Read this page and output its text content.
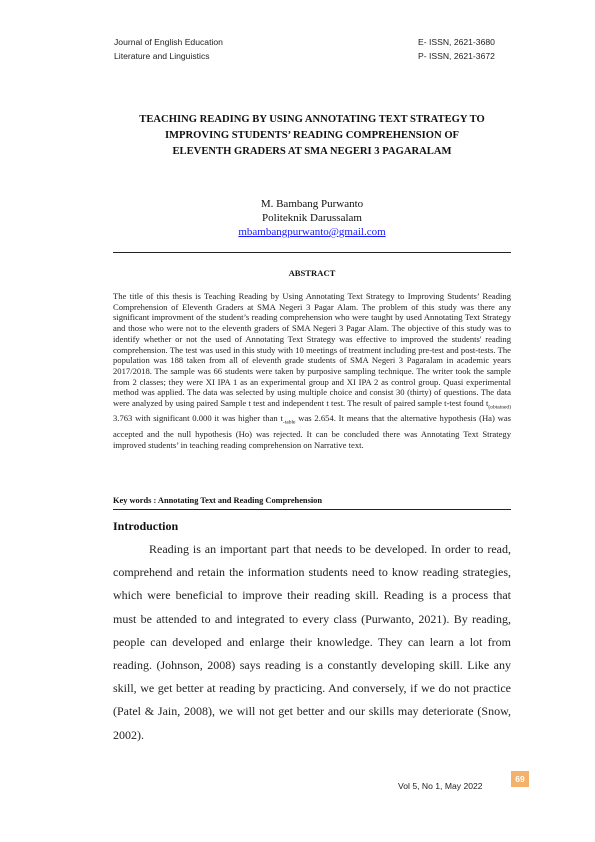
Journal of English Education
Literature and Linguistics
E- ISSN, 2621-3680
P- ISSN, 2621-3672
TEACHING READING BY USING ANNOTATING TEXT STRATEGY TO
IMPROVING STUDENTS’ READING COMPREHENSION OF
ELEVENTH GRADERS AT SMA NEGERI 3 PAGARALAM
M. Bambang Purwanto
Politeknik Darussalam
mbambangpurwanto@gmail.com
ABSTRACT
The title of this thesis is Teaching Reading by Using Annotating Text Strategy to Improving Students’ Reading Comprehension of Eleventh Graders at SMA Negeri 3 Pagar Alam. The problem of this study was there any significant improvment of the student’s reading comprehension who were taught by used Annotating Text Strategy and those who were not to the eleventh graders of SMA Negeri 3 Pagar Alam. The objective of this study was to identify whether or not the used of Annotating Text Strategy was effective to improved the students' reading comprehension. The test was used in this study with 10 meetings of treatment including pre-test and post-tests. The population was 188 taken from all of eleventh grade students of SMA Negeri 3 Pagaralam in academic years 2017/2018. The sample was 66 students were taken by purposive sampling technique. The writer took the sample from 2 classes; they were XI IPA 1 as an experimental group and XI IPA 2 as control group. Quasi experimental method was applied. The data was selected by using multiple choice and consist 30 (thirty) of questions. The data were analyzed by using paired Sample t test and independent t test. The result of paired sample t-test found $t_{(obtained)}$ 3.763 with significant 0.000 it was higher than $t_{-table}$ was 2.654. It means that the alternative hypothesis (Ha) was accepted and the null hypothesis (Ho) was rejected. It can be concluded there was Annotating Text Strategy improved students’ in teaching reading comprehension on Narrative text.
Key words : Annotating Text and Reading Comprehension
Introduction

Reading is an important part that needs to be developed. In order to read, comprehend and retain the information students need to know reading strategies, which were beneficial to improve their reading skill. Reading is a process that must be attended to and integrated to every class (Purwanto, 2021). By reading, people can developed and enlarge their knowledge. They can learn a lot from reading. (Johnson, 2008) says reading is a constantly developing skill. Like any skill, we get better at reading by practicing. And conversely, if we do not practice (Patel & Jain, 2008), we will not get better and our skills may deteriorate (Snow, 2002).

69
Vol 5, No 1, May 2022
